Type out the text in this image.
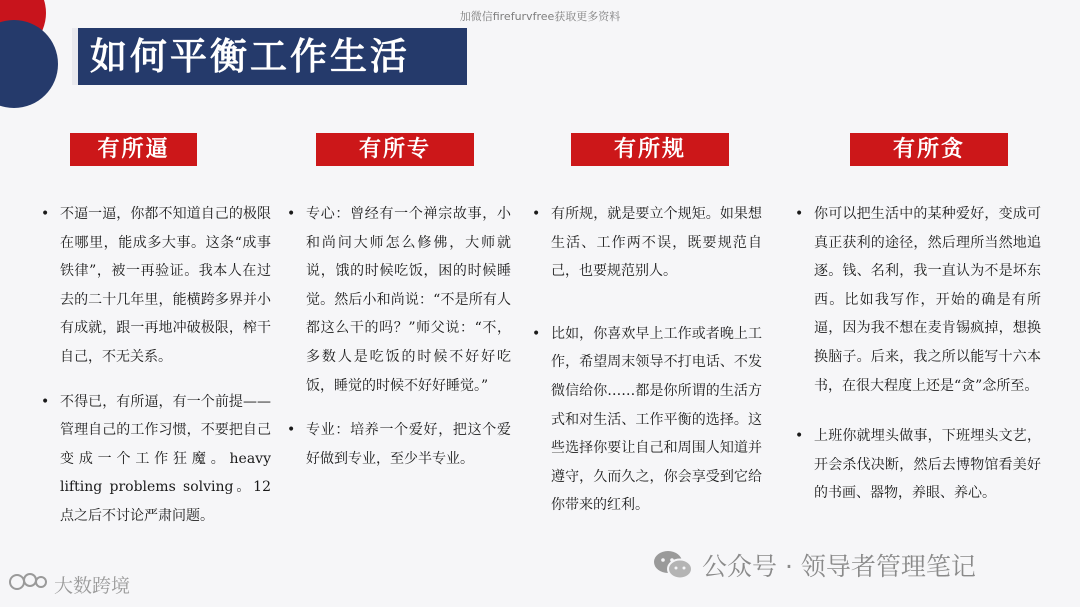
加微信firefurvfree获取更多资料
如何平衡工作生活
有所逼	有所专	有所规	有所贪
• 不逼一逼，你都不知道自己的极限在哪里，能成多大事。这条“成事铁律”，被一再验证。我本人在过去的二十几年里，能横跨多界并小有成就，跟一再地冲破极限，榨干自己，不无关系。
• 不得已，有所逼，有一个前提——管理自己的工作习惯，不要把自己变成一个工作狂魔。heavy lifting problems solving。12点之后不讨论严肃问题。
• 专心：曾经有一个禅宗故事，小和尚问大师怎么修佛，大师就说，饿的时候吃饭，困的时候睡觉。然后小和尚说：“不是所有人都这么干的吗？”师父说：“不，多数人是吃饭的时候不好好吃饭，睡觉的时候不好好睡觉。”
• 专业：培养一个爱好，把这个爱好做到专业，至少半专业。
• 有所规，就是要立个规矩。如果想生活、工作两不误，既要规范自己，也要规范别人。
• 比如，你喜欢早上工作或者晚上工作，希望周末领导不打电话、不发微信给你……都是你所谓的生活方式和对生活、工作平衡的选择。这些选择你要让自己和周围人知道并遵守，久而久之，你会享受到它给你带来的红利。
• 你可以把生活中的某种爱好，变成可真正获利的途径，然后理所当然地追逐。钱、名利，我一直认为不是坏东西。比如我写作，开始的确是有所逼，因为我不想在麦肯锡疯掉，想换换脑子。后来，我之所以能写十六本书，在很大程度上还是“贪”念所至。
• 上班你就埋头做事，下班埋头文艺，开会杀伐决断，然后去博物馆看美好的书画、器物，养眼、养心。
公众号 · 领导者管理笔记
大数跨境
